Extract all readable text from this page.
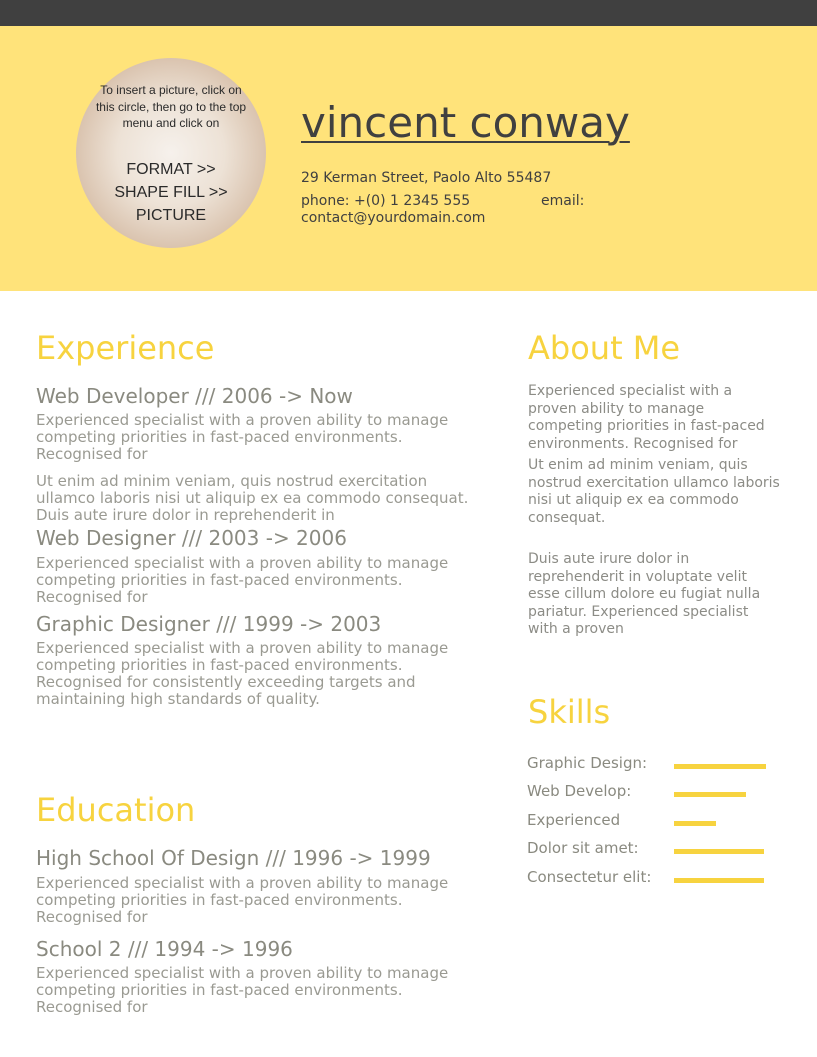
To insert a picture, click on this circle, then go to the top menu and click on
FORMAT >>
SHAPE FILL >>
PICTURE
vincent conway
29 Kerman Street, Paolo Alto 55487
phone: +(0) 1 2345 555	email:
contact@yourdomain.com
Experience
Web Developer /// 2006 -> Now
Experienced specialist with a proven ability to manage competing priorities in fast-paced environments. Recognised for
Ut enim ad minim veniam, quis nostrud exercitation ullamco laboris nisi ut aliquip ex ea commodo consequat. Duis aute irure dolor in reprehenderit in
Web Designer /// 2003 -> 2006
Experienced specialist with a proven ability to manage competing priorities in fast-paced environments. Recognised for
Graphic Designer /// 1999 -> 2003
Experienced specialist with a proven ability to manage competing priorities in fast-paced environments. Recognised for consistently exceeding targets and maintaining high standards of quality.
Education
High School Of Design /// 1996 -> 1999
Experienced specialist with a proven ability to manage competing priorities in fast-paced environments. Recognised for
School 2 /// 1994 -> 1996
Experienced specialist with a proven ability to manage competing priorities in fast-paced environments. Recognised for
About Me
Experienced specialist with a proven ability to manage competing priorities in fast-paced environments. Recognised for
Ut enim ad minim veniam, quis nostrud exercitation ullamco laboris nisi ut aliquip ex ea commodo consequat.
Duis aute irure dolor in reprehenderit in voluptate velit esse cillum dolore eu fugiat nulla pariatur. Experienced specialist with a proven
Skills
Graphic Design:
Web Develop:
Experienced
Dolor sit amet:
Consectetur elit:
